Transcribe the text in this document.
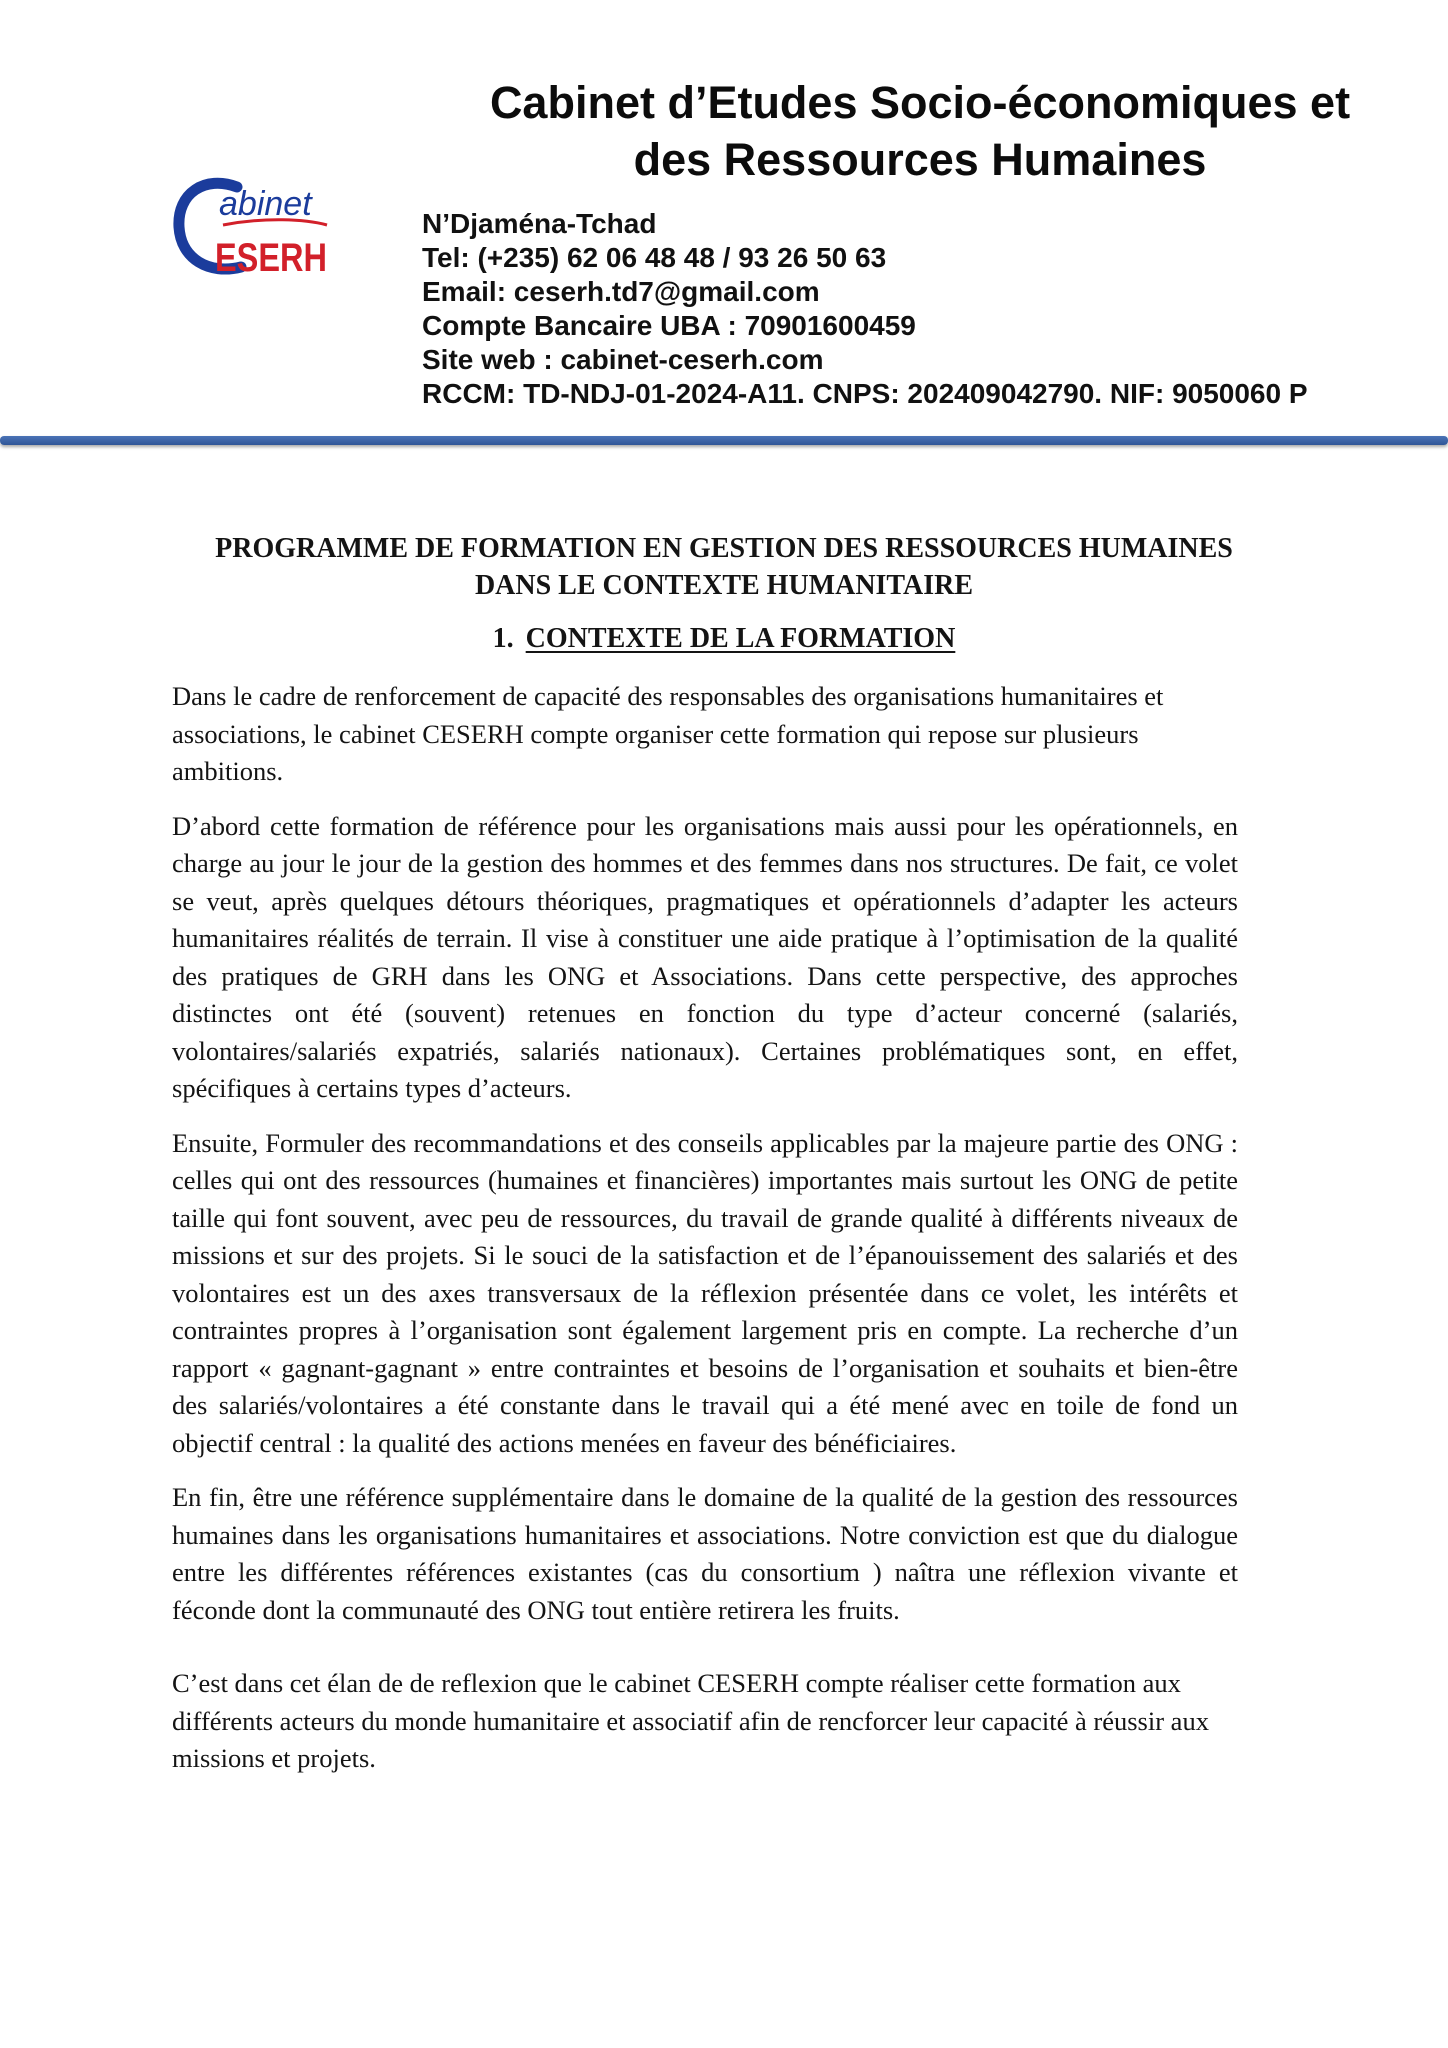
abinet
ESERH
Cabinet d’Etudes Socio-économiques et
des Ressources Humaines
N’Djaména-Tchad
Tel: (+235) 62 06 48 48 / 93 26 50 63
Email: ceserh.td7@gmail.com
Compte Bancaire UBA : 70901600459
Site web : cabinet-ceserh.com
RCCM: TD-NDJ-01-2024-A11. CNPS: 202409042790. NIF: 9050060 P
PROGRAMME DE FORMATION EN GESTION DES RESSOURCES HUMAINES
DANS LE CONTEXTE HUMANITAIRE
1. CONTEXTE DE LA FORMATION

Dans le cadre de renforcement de capacité des responsables des organisations humanitaires et associations, le cabinet CESERH compte organiser cette formation qui repose sur plusieurs ambitions.

D’abord cette formation de référence pour les organisations mais aussi pour les opérationnels, en charge au jour le jour de la gestion des hommes et des femmes dans nos structures. De fait, ce volet se veut, après quelques détours théoriques, pragmatiques et opérationnels d’adapter les acteurs humanitaires réalités de terrain. Il vise à constituer une aide pratique à l’optimisation de la qualité des pratiques de GRH dans les ONG et Associations. Dans cette perspective, des approches distinctes ont été (souvent) retenues en fonction du type d’acteur concerné (salariés, volontaires/salariés expatriés, salariés nationaux). Certaines problématiques sont, en effet, spécifiques à certains types d’acteurs.

Ensuite, Formuler des recommandations et des conseils applicables par la majeure partie des ONG : celles qui ont des ressources (humaines et financières) importantes mais surtout les ONG de petite taille qui font souvent, avec peu de ressources, du travail de grande qualité à différents niveaux de missions et sur des projets. Si le souci de la satisfaction et de l’épanouissement des salariés et des volontaires est un des axes transversaux de la réflexion présentée dans ce volet, les intérêts et contraintes propres à l’organisation sont également largement pris en compte. La recherche d’un rapport « gagnant-gagnant » entre contraintes et besoins de l’organisation et souhaits et bien-être des salariés/volontaires a été constante dans le travail qui a été mené avec en toile de fond un objectif central : la qualité des actions menées en faveur des bénéficiaires.

En fin, être une référence supplémentaire dans le domaine de la qualité de la gestion des ressources humaines dans les organisations humanitaires et associations. Notre conviction est que du dialogue entre les différentes références existantes (cas du consortium ) naîtra une réflexion vivante et féconde dont la communauté des ONG tout entière retirera les fruits.

C’est dans cet élan de de reflexion que le cabinet CESERH compte réaliser cette formation aux différents acteurs du monde humanitaire et associatif afin de rencforcer leur capacité à réussir aux missions et projets.
